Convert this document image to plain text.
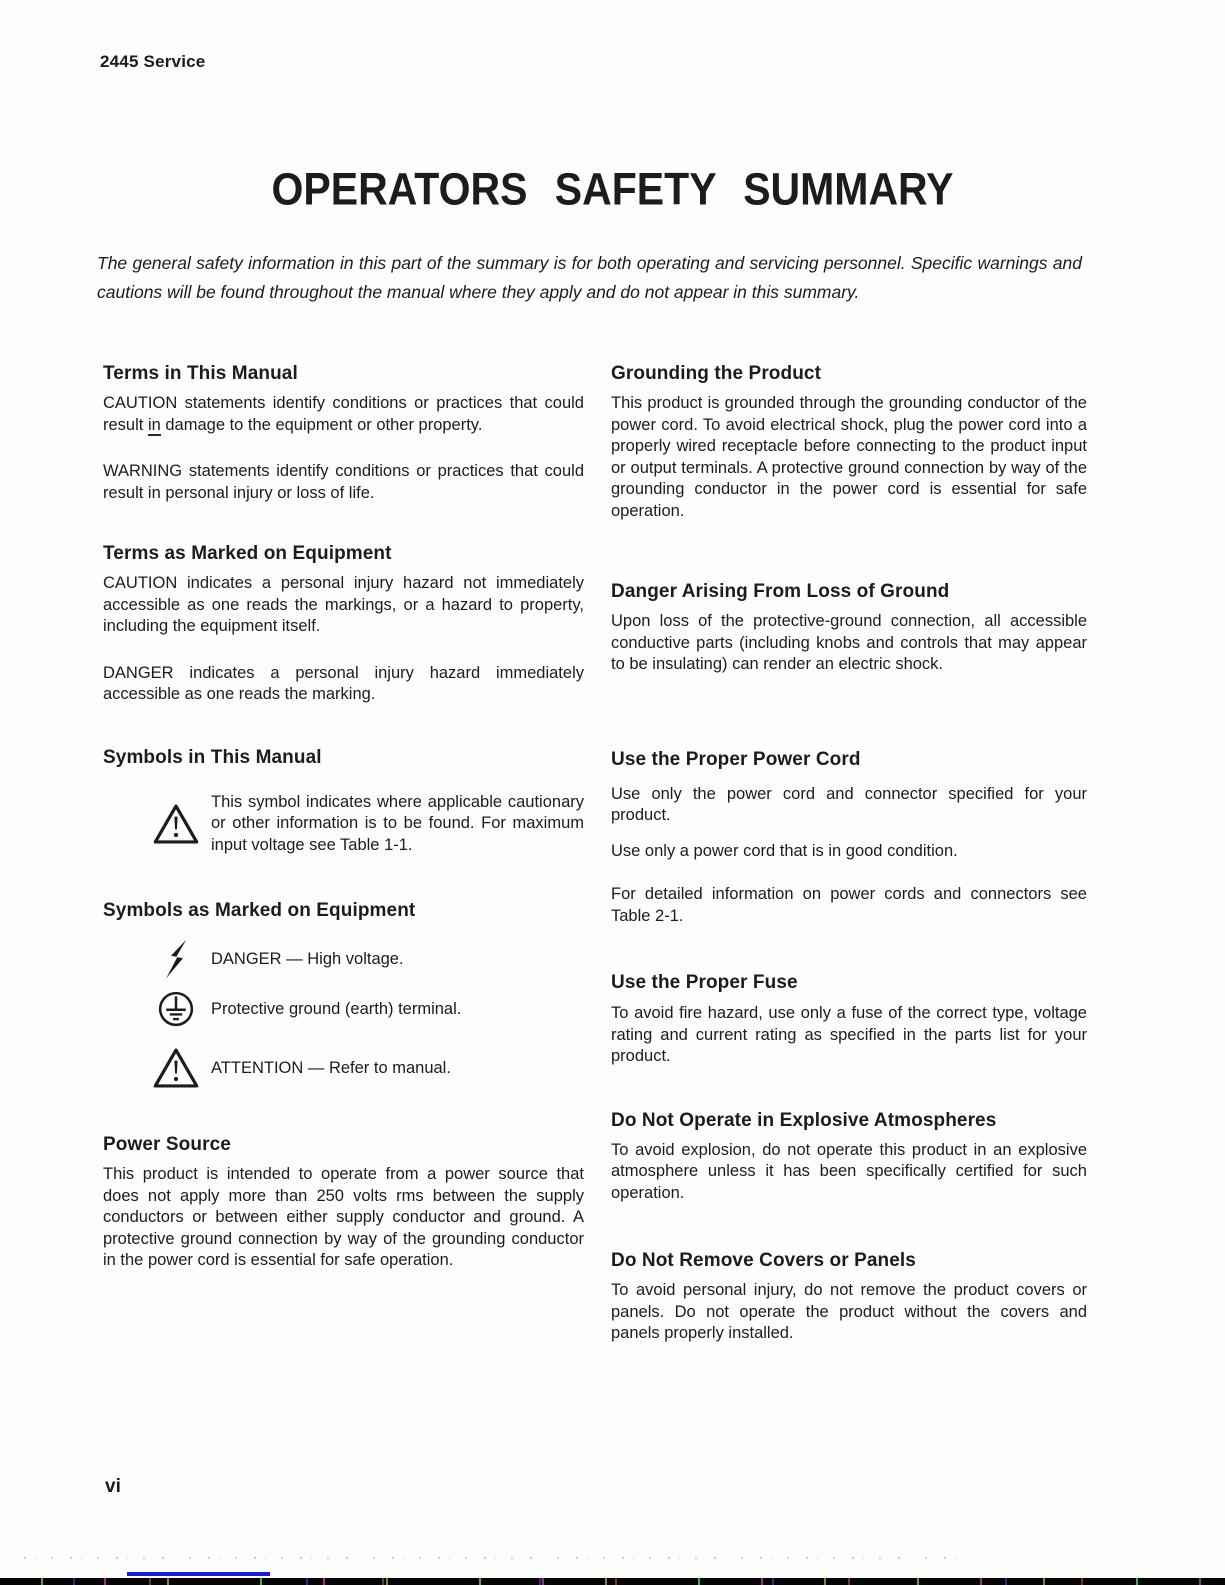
2445 Service
OPERATORS SAFETY SUMMARY

The general safety information in this part of the summary is for both operating and servicing personnel. Specific warnings and cautions will be found throughout the manual where they apply and do not appear in this summary.

Terms in This Manual

CAUTION statements identify conditions or practices that could result in damage to the equipment or other property.

WARNING statements identify conditions or practices that could result in personal injury or loss of life.

Terms as Marked on Equipment

CAUTION indicates a personal injury hazard not immediately accessible as one reads the markings, or a hazard to property, including the equipment itself.

DANGER indicates a personal injury hazard immediately accessible as one reads the marking.

Symbols in This Manual

This symbol indicates where applicable cautionary or other information is to be found. For maximum input voltage see Table 1-1.

Symbols as Marked on Equipment
DANGER — High voltage.
Protective ground (earth) terminal.
ATTENTION — Refer to manual.
Power Source

This product is intended to operate from a power source that does not apply more than 250 volts rms between the supply conductors or between either supply conductor and ground. A protective ground connection by way of the grounding conductor in the power cord is essential for safe operation.

Grounding the Product

This product is grounded through the grounding conductor of the power cord. To avoid electrical shock, plug the power cord into a properly wired receptacle before connecting to the product input or output terminals. A protective ground connection by way of the grounding conductor in the power cord is essential for safe operation.

Danger Arising From Loss of Ground

Upon loss of the protective-ground connection, all accessible conductive parts (including knobs and controls that may appear to be insulating) can render an electric shock.

Use the Proper Power Cord

Use only the power cord and connector specified for your product.

Use only a power cord that is in good condition.

For detailed information on power cords and connectors see Table 2-1.

Use the Proper Fuse

To avoid fire hazard, use only a fuse of the correct type, voltage rating and current rating as specified in the parts list for your product.

Do Not Operate in Explosive Atmospheres

To avoid explosion, do not operate this product in an explosive atmosphere unless it has been specifically certified for such operation.

Do Not Remove Covers or Panels

To avoid personal injury, do not remove the product covers or panels. Do not operate the product without the covers and panels properly installed.

vi
